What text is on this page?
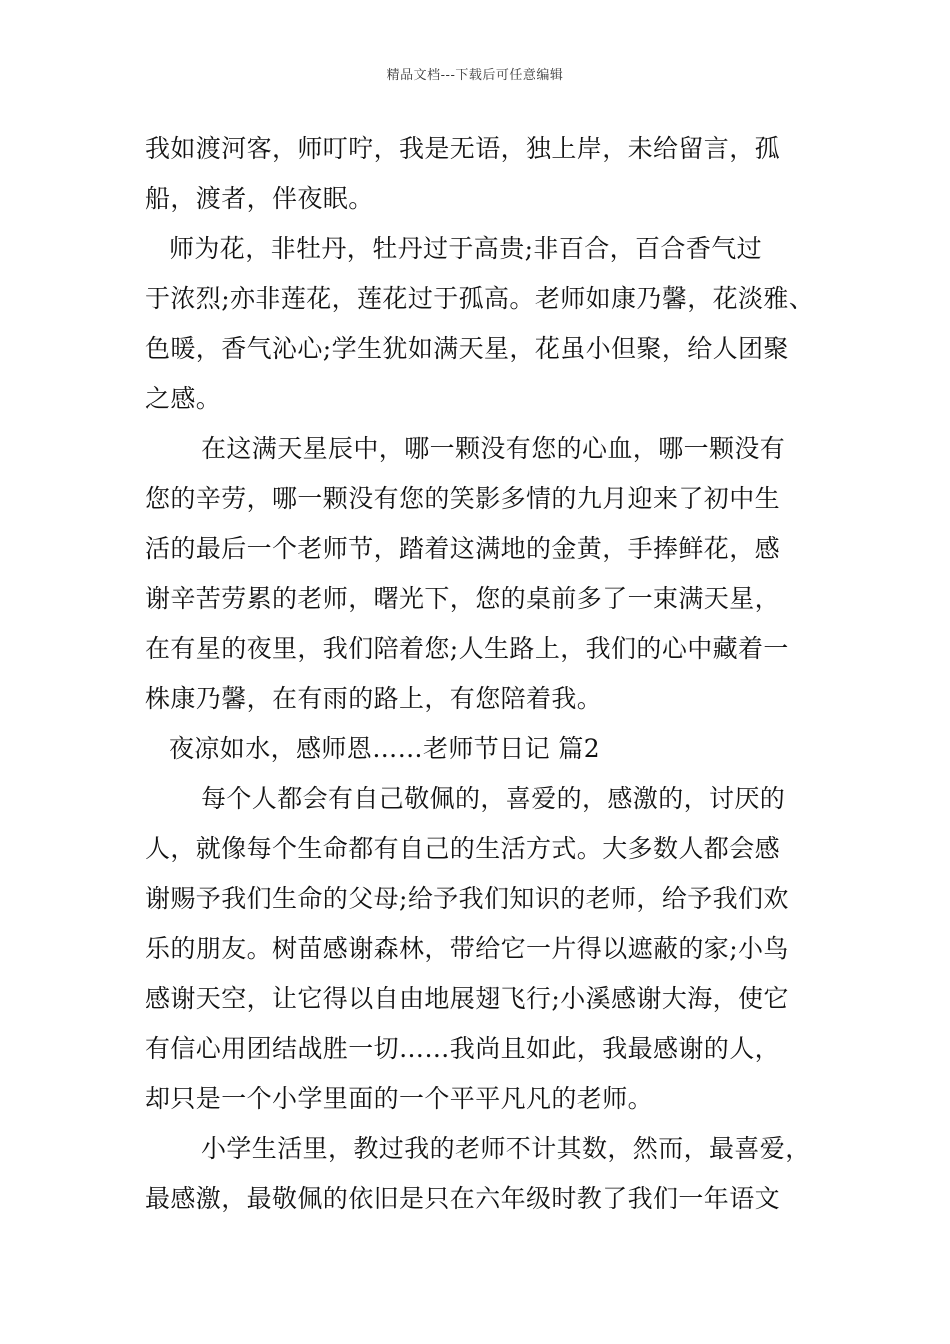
精品文档---下载后可任意编辑
我如渡河客，师叮咛，我是无语，独上岸，未给留言，孤
船，渡者，伴夜眠。
师为花，非牡丹，牡丹过于高贵;非百合，百合香气过
于浓烈;亦非莲花，莲花过于孤高。老师如康乃馨，花淡雅、
色暖，香气沁心;学生犹如满天星，花虽小但聚，给人团聚
之感。
在这满天星辰中，哪一颗没有您的心血，哪一颗没有
您的辛劳，哪一颗没有您的笑影多情的九月迎来了初中生
活的最后一个老师节，踏着这满地的金黄，手捧鲜花，感
谢辛苦劳累的老师，曙光下，您的桌前多了一束满天星，
在有星的夜里，我们陪着您;人生路上，我们的心中藏着一
株康乃馨，在有雨的路上，有您陪着我。
夜凉如水，感师恩……老师节日记 篇2
每个人都会有自己敬佩的，喜爱的，感激的，讨厌的
人，就像每个生命都有自己的生活方式。大多数人都会感
谢赐予我们生命的父母;给予我们知识的老师，给予我们欢
乐的朋友。树苗感谢森林，带给它一片得以遮蔽的家;小鸟
感谢天空，让它得以自由地展翅飞行;小溪感谢大海，使它
有信心用团结战胜一切……我尚且如此，我最感谢的人，
却只是一个小学里面的一个平平凡凡的老师。
小学生活里，教过我的老师不计其数，然而，最喜爱，
最感激，最敬佩的依旧是只在六年级时教了我们一年语文
